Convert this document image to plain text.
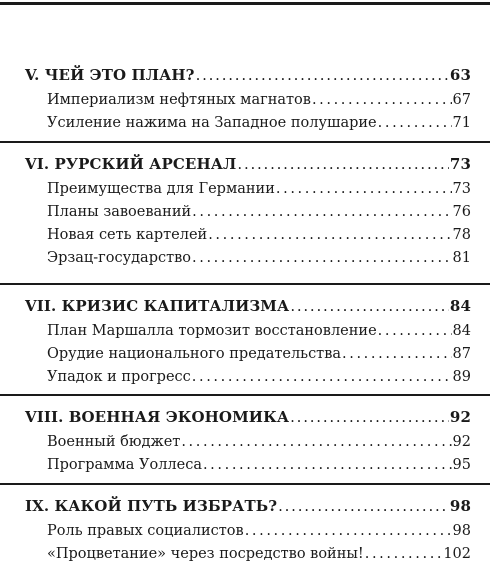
V. ЧЕЙ ЭТО ПЛАН? . . .	63
Империализм нефтяных магнатов . . .	67
Усиление нажима на Западное полушарие . . .	71
VI. РУРСКИЙ АРСЕНАЛ . . .	73
Преимущества для Германии . . .	73
Планы завоеваний . . .	76
Новая сеть картелей . . .	78
Эрзац-государство . . .	81
VII. КРИЗИС КАПИТАЛИЗМА . . .	84
План Маршалла тормозит восстановление . . .	84
Орудие национального предательства . . .	87
Упадок и прогресс . . .	89
VIII. ВОЕННАЯ ЭКОНОМИКА . . .	92
Военный бюджет . . .	92
Программа Уоллеса . . .	95
IX. КАКОЙ ПУТЬ ИЗБРАТЬ? . . .	98
Роль правых социалистов . . .	98
«Процветание» через посредство войны! . . .	102
